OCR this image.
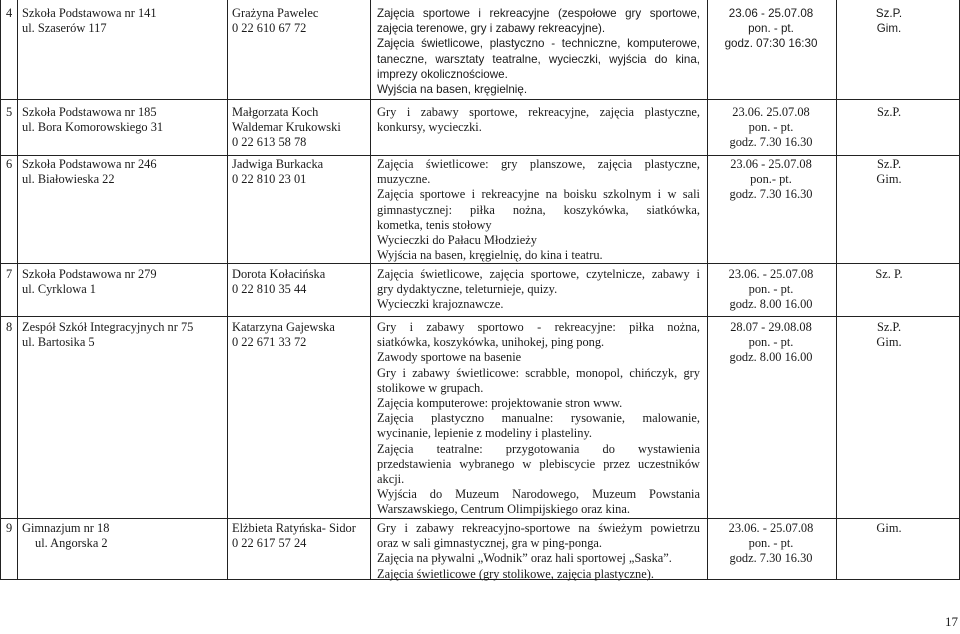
4 Szkoła Podstawowa nr 141
ul. Szaserów 117
Grażyna Pawelec
0 22 610 67 72
Zajęcia sportowe i rekreacyjne (zespołowe gry sportowe,
zajęcia terenowe, gry i zabawy rekreacyjne).
Zajęcia świetlicowe, plastyczno - techniczne, komputerowe,
taneczne, warsztaty teatralne, wycieczki, wyjścia do kina,
imprezy okolicznościowe.
Wyjścia na basen, kręgielnię.
23.06 - 25.07.08
pon. - pt.
godz. 07:30 16:30
Sz.P.
Gim.
5 Szkoła Podstawowa nr 185
ul. Bora Komorowskiego 31
Małgorzata Koch
Waldemar Krukowski
0 22 613 58 78
Gry i zabawy sportowe, rekreacyjne, zajęcia plastyczne,
konkursy, wycieczki.
23.06. 25.07.08
pon. - pt.
godz. 7.30 16.30
Sz.P.
6 Szkoła Podstawowa nr 246
ul. Białowieska 22
Jadwiga Burkacka
0 22 810 23 01
Zajęcia świetlicowe: gry planszowe, zajęcia plastyczne,
muzyczne.
Zajęcia sportowe i rekreacyjne na boisku szkolnym i w sali
gimnastycznej: piłka nożna, koszykówka, siatkówka,
kometka, tenis stołowy
Wycieczki do Pałacu Młodzieży
Wyjścia na basen, kręgielnię, do kina i teatru.
23.06 - 25.07.08
pon.- pt.
godz. 7.30 16.30
Sz.P.
Gim.
7 Szkoła Podstawowa nr 279
ul. Cyrklowa 1
Dorota Kołacińska
0 22 810 35 44
Zajęcia świetlicowe, zajęcia sportowe, czytelnicze, zabawy i
gry dydaktyczne, teleturnieje, quizy.
Wycieczki krajoznawcze.
23.06. - 25.07.08
pon. - pt.
godz. 8.00 16.00
Sz. P.
8 Zespół Szkół Integracyjnych nr 75
ul. Bartosika 5
Katarzyna Gajewska
0 22 671 33 72
Gry i zabawy sportowo - rekreacyjne: piłka nożna,
siatkówka, koszykówka, unihokej, ping pong.
Zawody sportowe na basenie
Gry i zabawy świetlicowe: scrabble, monopol, chińczyk, gry
stolikowe w grupach.
Zajęcia komputerowe: projektowanie stron www.
Zajęcia plastyczno manualne: rysowanie, malowanie,
wycinanie, lepienie z modeliny i plasteliny.
Zajęcia teatralne: przygotowania do wystawienia
przedstawienia wybranego w plebiscycie przez uczestników
akcji.
Wyjścia do Muzeum Narodowego, Muzeum Powstania
Warszawskiego, Centrum Olimpijskiego oraz kina.
28.07 - 29.08.08
pon. - pt.
godz. 8.00 16.00
Sz.P.
Gim.
9 Gimnazjum nr 18
ul. Angorska 2
Elżbieta Ratyńska- Sidor
0 22 617 57 24
Gry i zabawy rekreacyjno-sportowe na świeżym powietrzu
oraz w sali gimnastycznej, gra w ping-ponga.
Zajęcia na pływalni „Wodnik” oraz hali sportowej „Saska”.
Zajęcia świetlicowe (gry stolikowe, zajęcia plastyczne).
23.06. - 25.07.08
pon. - pt.
godz. 7.30 16.30
Gim.
17
